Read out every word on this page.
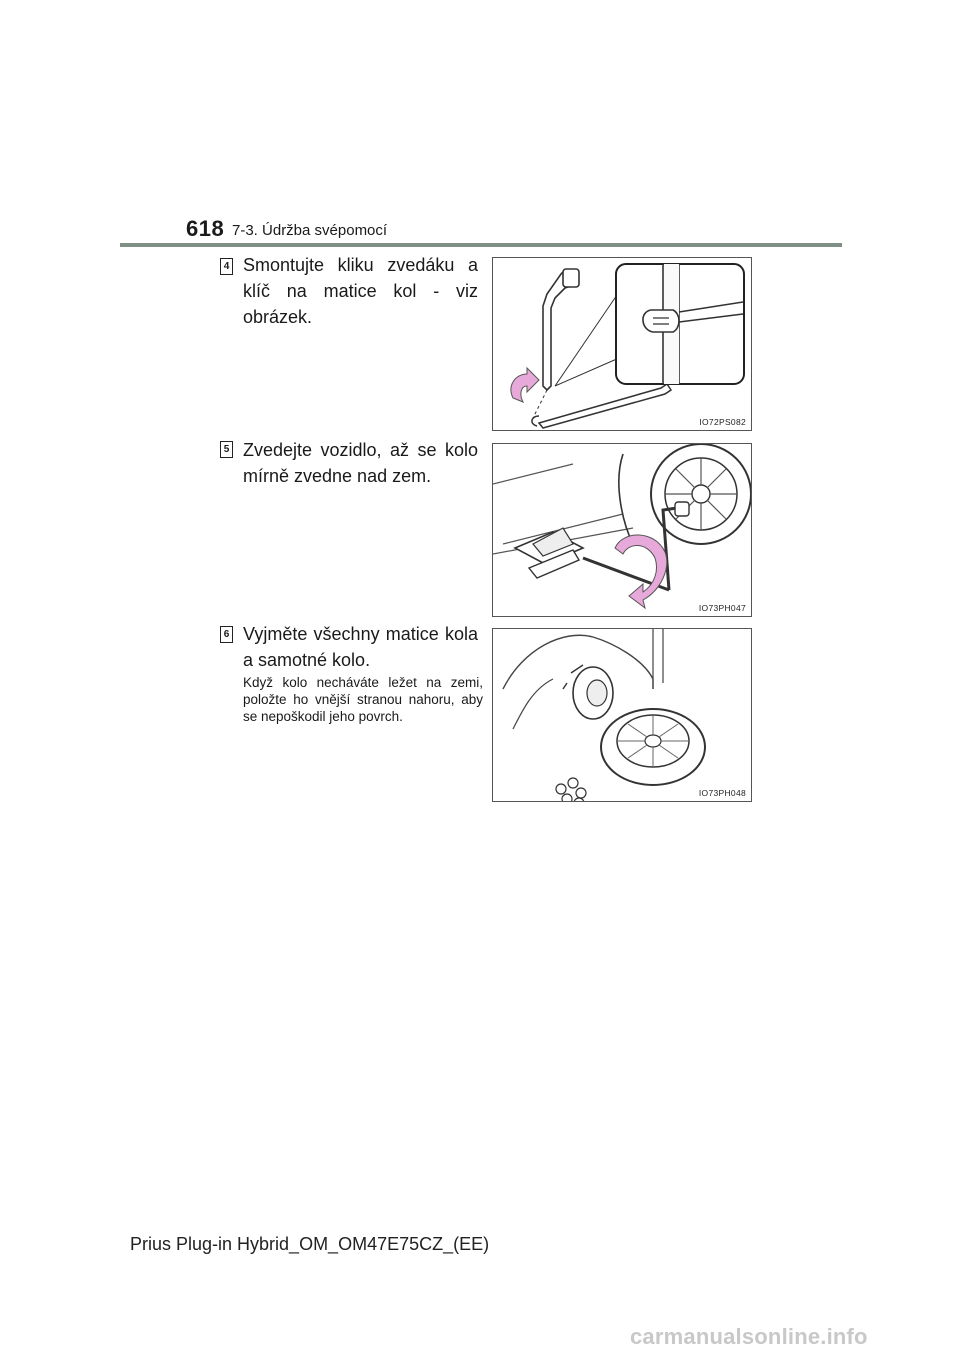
618 7-3. Údržba svépomocí
4 Smontujte kliku zvedáku a klíč na matice kol - viz obrázek.
IO72PS082
5 Zvedejte vozidlo, až se kolo mírně zvedne nad zem.
IO73PH047
6 Vyjměte všechny matice kola a samotné kolo.
Když kolo necháváte ležet na zemi, položte ho vnější stranou nahoru, aby se nepoškodil jeho povrch.
IO73PH048
Prius Plug-in Hybrid_OM_OM47E75CZ_(EE)
carmanualsonline.info
